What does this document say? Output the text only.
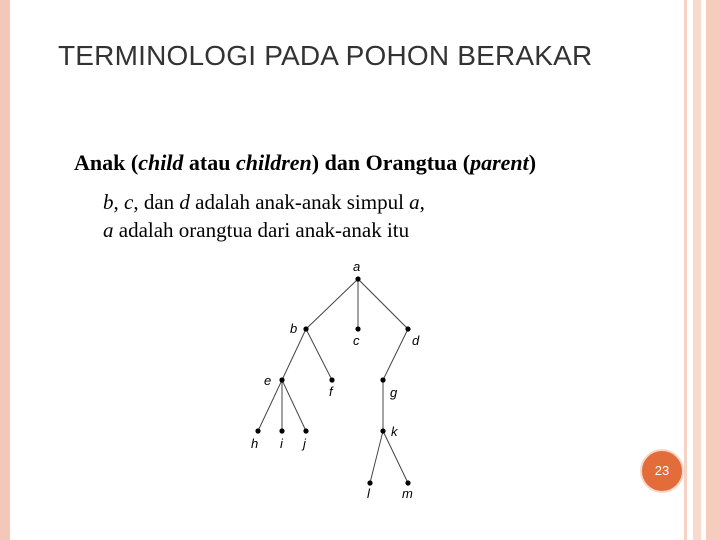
TERMINOLOGI PADA POHON BERAKAR
Anak (child atau children) dan Orangtua (parent)
b, c, dan d adalah anak-anak simpul a,
a adalah orangtua dari anak-anak itu
a
b
c	d
e
f	g
h i j
k
l m
23
